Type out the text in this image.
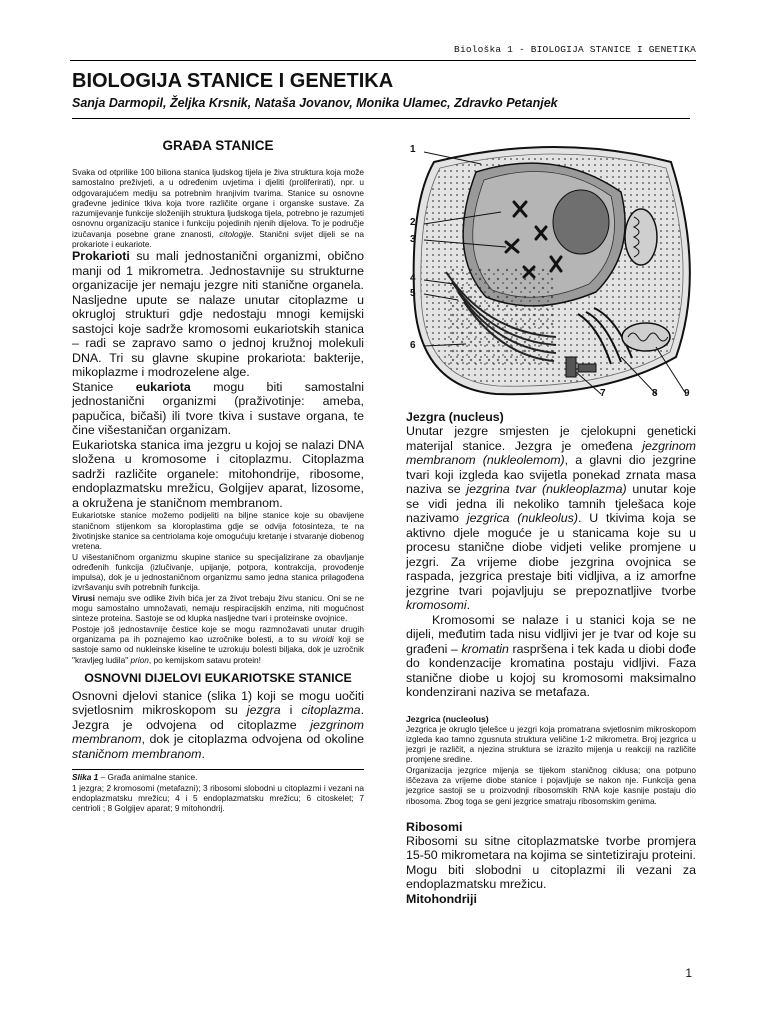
Biološka 1 - BIOLOGIJA STANICE I GENETIKA
BIOLOGIJA STANICE I GENETIKA
Sanja Darmopil, Željka Krsnik, Nataša Jovanov, Monika Ulamec, Zdravko Petanjek
GRAĐA STANICE

Svaka od otprilike 100 biliona stanica ljudskog tijela je živa struktura koja može samostalno preživjeti, a u određenim uvjetima i djeliti (proliferirati), npr. u odgovarajućem mediju sa potrebnim hranjivim tvarima. Stanice su osnovne građevne jedinice tkiva koja tvore različite organe i organske sustave. Za razumijevanje funkcije složenijih struktura ljudskoga tijela, potrebno je razumjeti osnovnu organizaciju stanice i funkciju pojedinih njenih dijelova. To je područje izučavanja posebne grane znanosti, citologije. Stanični svijet dijeli se na prokariote i eukariote.

Prokarioti su mali jednostanični organizmi, obično manji od 1 mikrometra. Jednostavnije su strukturne organizacije jer nemaju jezgre niti stanične organela. Nasljedne upute se nalaze unutar citoplazme u okrugloj strukturi gdje nedostaju mnogi kemijski sastojci koje sadrže kromosomi eukariotskih stanica – radi se zapravo samo o jednoj kružnoj molekuli DNA. Tri su glavne skupine prokariota: bakterije, mikoplazme i modrozelene alge.

Stanice eukariota mogu biti samostalni jednostanični organizmi (praživotinje: ameba, papučica, bičaši) ili tvore tkiva i sustave organa, te čine višestaničan organizam.

Eukariotska stanica ima jezgru u kojoj se nalazi DNA složena u kromosome i citoplazmu. Citoplazma sadrži različite organele: mitohondrije, ribosome, endoplazmatsku mrežicu, Golgijev aparat, lizosome, a okružena je staničnom membranom.

Eukariotske stanice možemo podijeliti na biljne stanice koje su obavijene staničnom stijenkom sa kloroplastima gdje se odvija fotosinteza, te na životinjske stanice sa centriolama koje omogućuju kretanje i stvaranje diobenog vretena.

U višestaničnom organizmu skupine stanice su specijalizirane za obavljanje određenih funkcija (izlučivanje, upijanje, potpora, kontrakcija, provođenje impulsa), dok je u jednostaničnom organizmu samo jedna stanica prilagođena izvršavanju svih potrebnih funkcija.

Virusi nemaju sve odlike živih bića jer za život trebaju živu stanicu. Oni se ne mogu samostalno umnožavati, nemaju respiracijskih enzima, niti mogućnost sinteze proteina. Sastoje se od klupka nasljedne tvari i proteinske ovojnice.

Postoje još jednostavnije čestice koje se mogu razmnožavati unutar drugih organizama pa ih poznajemo kao uzročnike bolesti, a to su viroidi koji se sastoje samo od nukleinske kiseline te uzrokuju bolesti biljaka, dok je uzročnik "kravljeg ludila" prion, po kemijskom satavu protein!

OSNOVNI DIJELOVI EUKARIOTSKE STANICE

Osnovni djelovi stanice (slika 1) koji se mogu uočiti svjetlosnim mikroskopom su jezgra i citoplazma. Jezgra je odvojena od citoplazme jezgrinom membranom, dok je citoplazma odvojena od okoline staničnom membranom.

Slika 1 – Građa animalne stanice.
1 jezgra; 2 kromosomi (metafazni); 3 ribosomi slobodni u citoplazmi i vezani na endoplazmatsku mrežicu; 4 i 5 endoplazmatsku mrežicu; 6 citoskelet; 7 centrioli ; 8 Golgijev aparat; 9 mitohondrij.

1
2
3
4
5
6
7	8	9

Jezgra (nucleus)

Unutar jezgre smjesten je cjelokupni geneticki materijal stanice. Jezgra je omeđena jezgrinom membranom (nukleolemom), a glavni dio jezgrine tvari koji izgleda kao svijetla ponekad zrnata masa naziva se jezgrina tvar (nukleoplazma) unutar koje se vidi jedna ili nekoliko tamnih tjelešaca koje nazivamo jezgrica (nukleolus). U tkivima koja se aktivno djele moguće je u stanicama koje su u procesu stanične diobe vidjeti velike promjene u jezgri. Za vrijeme diobe jezgrina ovojnica se raspada, jezgrica prestaje biti vidljiva, a iz amorfne jezgrine tvari pojavljuju se prepoznatljive tvorbe kromosomi.

Kromosomi se nalaze i u stanici koja se ne dijeli, međutim tada nisu vidljivi jer je tvar od koje su građeni – kromatin raspršena i tek kada u diobi dođe do kondenzacije kromatina postaju vidljivi. Faza stanične diobe u kojoj su kromosomi maksimalno kondenzirani naziva se metafaza.

Jezgrica (nucleolus)

Jezgrica je okruglo tjelešce u jezgri koja promatrana svjetlosnim mikroskopom izgleda kao tamno zgusnuta struktura veličine 1-2 mikrometra. Broj jezgrica u jezgri je različit, a njezina struktura se izrazito mijenja u reakciji na različite promjene sredine.

Organizacija jezgrice mijenja se tijekom staničnog ciklusa; ona potpuno iščezava za vrijeme diobe stanice i pojavljuje se nakon nje. Funkcija gena jezgrice sastoji se u proizvodnji ribosomskih RNA koje kasnije postaju dio ribosoma. Zbog toga se geni jezgrice smatraju ribosomskim genima.

Ribosomi

Ribosomi su sitne citoplazmatske tvorbe promjera 15-50 mikrometara na kojima se sintetiziraju proteini. Mogu biti slobodni u citoplazmi ili vezani za endoplazmatsku mrežicu.

Mitohondriji

1
